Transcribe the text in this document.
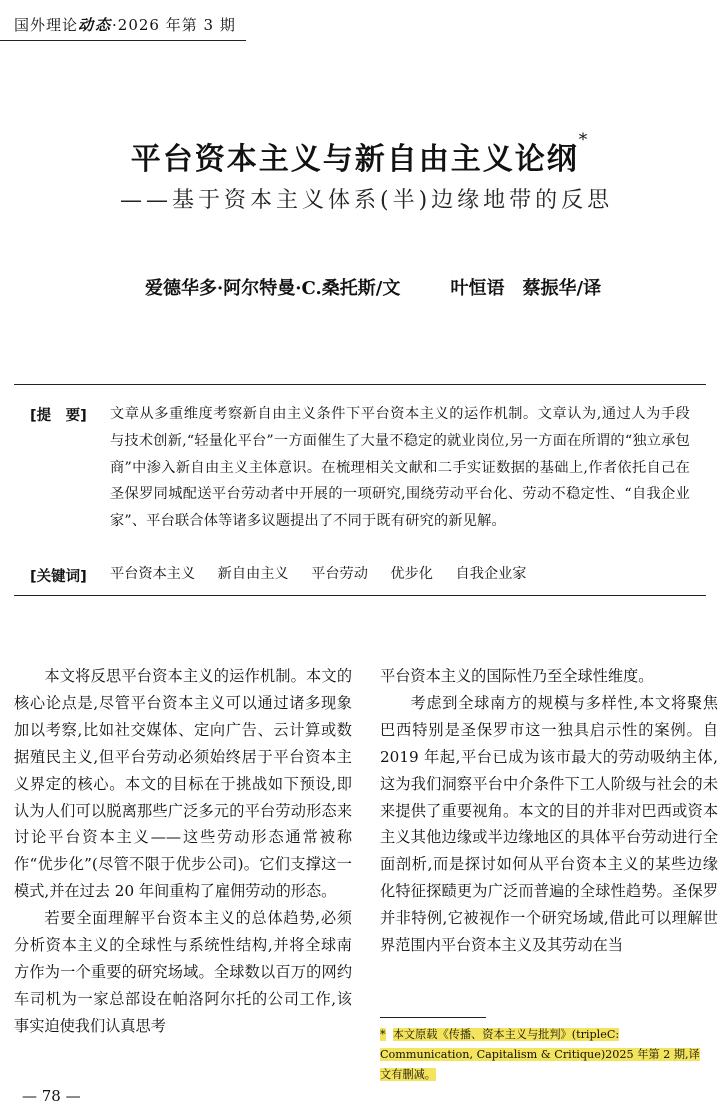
国外理论动态·2026 年第 3 期
平台资本主义与新自由主义论纲*
——基于资本主义体系(半)边缘地带的反思
爱德华多·阿尔特曼·C.桑托斯/文	叶恒语　蔡振华/译
[提　要] 文章从多重维度考察新自由主义条件下平台资本主义的运作机制。文章认为,通过人为手段与技术创新,“轻量化平台”一方面催生了大量不稳定的就业岗位,另一方面在所谓的“独立承包商”中渗入新自由主义主体意识。在梳理相关文献和二手实证数据的基础上,作者依托自己在圣保罗同城配送平台劳动者中开展的一项研究,围绕劳动平台化、劳动不稳定性、“自我企业家”、平台联合体等诸多议题提出了不同于既有研究的新见解。
[关键词] 平台资本主义 新自由主义 平台劳动 优步化 自我企业家

本文将反思平台资本主义的运作机制。本文的核心论点是,尽管平台资本主义可以通过诸多现象加以考察,比如社交媒体、定向广告、云计算或数据殖民主义,但平台劳动必须始终居于平台资本主义界定的核心。本文的目标在于挑战如下预设,即认为人们可以脱离那些广泛多元的平台劳动形态来讨论平台资本主义——这些劳动形态通常被称作“优步化”(尽管不限于优步公司)。它们支撑这一模式,并在过去 20 年间重构了雇佣劳动的形态。

若要全面理解平台资本主义的总体趋势,必须分析资本主义的全球性与系统性结构,并将全球南方作为一个重要的研究场域。全球数以百万的网约车司机为一家总部设在帕洛阿尔托的公司工作,该事实迫使我们认真思考

平台资本主义的国际性乃至全球性维度。

考虑到全球南方的规模与多样性,本文将聚焦巴西特别是圣保罗市这一独具启示性的案例。自 2019 年起,平台已成为该市最大的劳动吸纳主体,这为我们洞察平台中介条件下工人阶级与社会的未来提供了重要视角。本文的目的并非对巴西或资本主义其他边缘或半边缘地区的具体平台劳动进行全面剖析,而是探讨如何从平台资本主义的某些边缘化特征探赜更为广泛而普遍的全球性趋势。圣保罗并非特例,它被视作一个研究场域,借此可以理解世界范围内平台资本主义及其劳动在当

* 本文原载《传播、资本主义与批判》(tripleC: Communication, Capitalism & Critique)2025 年第 2 期,译文有删减。
— 78 —
